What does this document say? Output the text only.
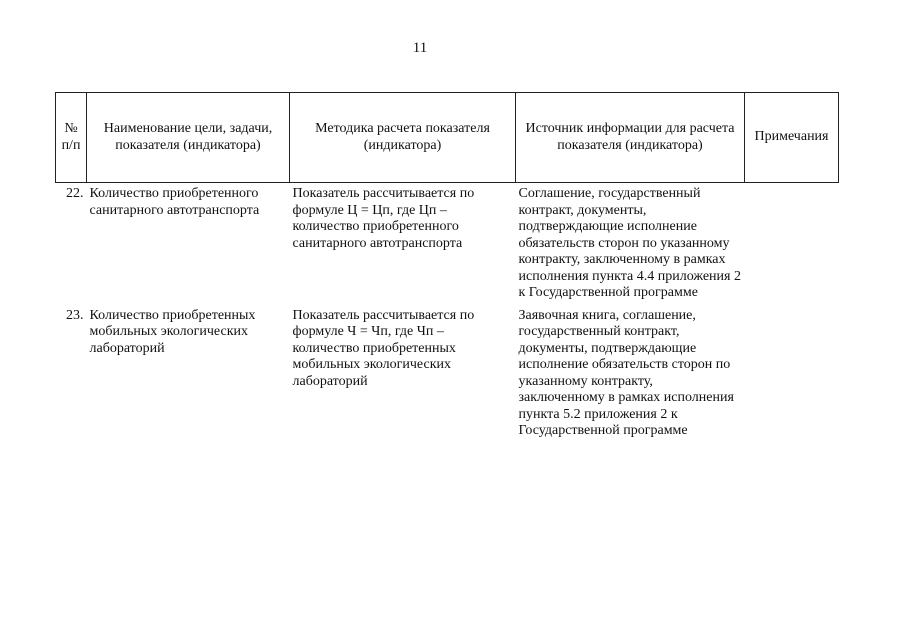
11
№ п/п	Наименование цели, задачи, показателя (индикатора)	Методика расчета показателя (индикатора)	Источник информации для расчета показателя (индикатора)	Примечания
22.	Количество приобретенного санитарного автотранспорта	Показатель рассчитывается по формуле Ц = Цп, где Цп – количество приобретенного санитарного автотранспорта	Соглашение, государственный контракт, документы, подтверждающие исполнение обязательств сторон по указанному контракту, заключенному в рамках исполнения пункта 4.4 приложения 2 к Государственной программе	
23.	Количество приобретенных мобильных экологических лабораторий	Показатель рассчитывается по формуле Ч = Чп, где Чп – количество приобретенных мобильных экологических лабораторий	Заявочная книга, соглашение, государственный контракт, документы, подтверждающие исполнение обязательств сторон по указанному контракту, заключенному в рамках исполнения пункта 5.2 приложения 2 к Государственной программе	
